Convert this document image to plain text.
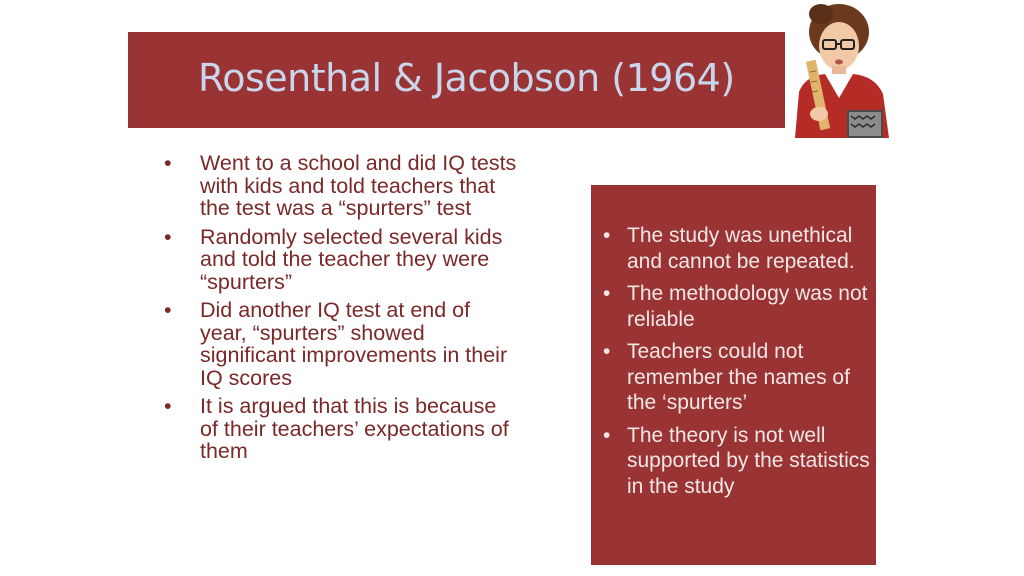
Rosenthal & Jacobson (1964)
• Went to a school and did IQ tests with kids and told teachers that the test was a “spurters” test
• Randomly selected several kids and told the teacher they were “spurters”
• Did another IQ test at end of year, “spurters” showed significant improvements in their IQ scores
• It is argued that this is because of their teachers’ expectations of them
• The study was unethical and cannot be repeated.
• The methodology was not reliable
• Teachers could not remember the names of the ‘spurters’
• The theory is not well supported by the statistics in the study
